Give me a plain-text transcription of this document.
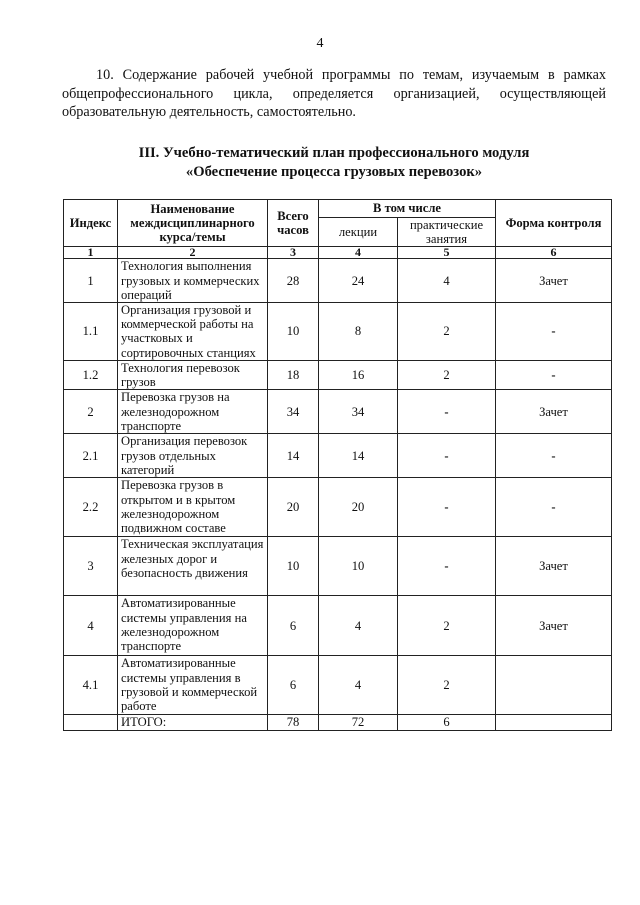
4

10. Содержание рабочей учебной программы по темам, изучаемым в рамках общепрофессионального цикла, определяется организацией, осуществляющей образовательную деятельность, самостоятельно.

III. Учебно-тематический план профессионального модуля
«Обеспечение процесса грузовых перевозок»
Индекс	Наименование междисциплинарного курса/темы	Всего часов	В том числе		Форма контроля
			лекции	практические занятия	
1	2	3	4	5	6
1	Технология выполнения грузовых и коммерческих операций	28	24	4	Зачет
1.1	Организация грузовой и коммерческой работы на участковых и сортировочных станциях	10	8	2	-
1.2	Технология перевозок грузов	18	16	2	-
2	Перевозка грузов на железнодорожном транспорте	34	34	-	Зачет
2.1	Организация перевозок грузов отдельных категорий	14	14	-	-
2.2	Перевозка грузов в открытом и в крытом железнодорожном подвижном составе	20	20	-	-
3	Техническая эксплуатация железных дорог и безопасность движения	10	10	-	Зачет
4	Автоматизированные системы управления на железнодорожном транспорте	6	4	2	Зачет
4.1	Автоматизированные системы управления в грузовой и коммерческой работе	6	4	2	
	ИТОГО:	78	72	6	
